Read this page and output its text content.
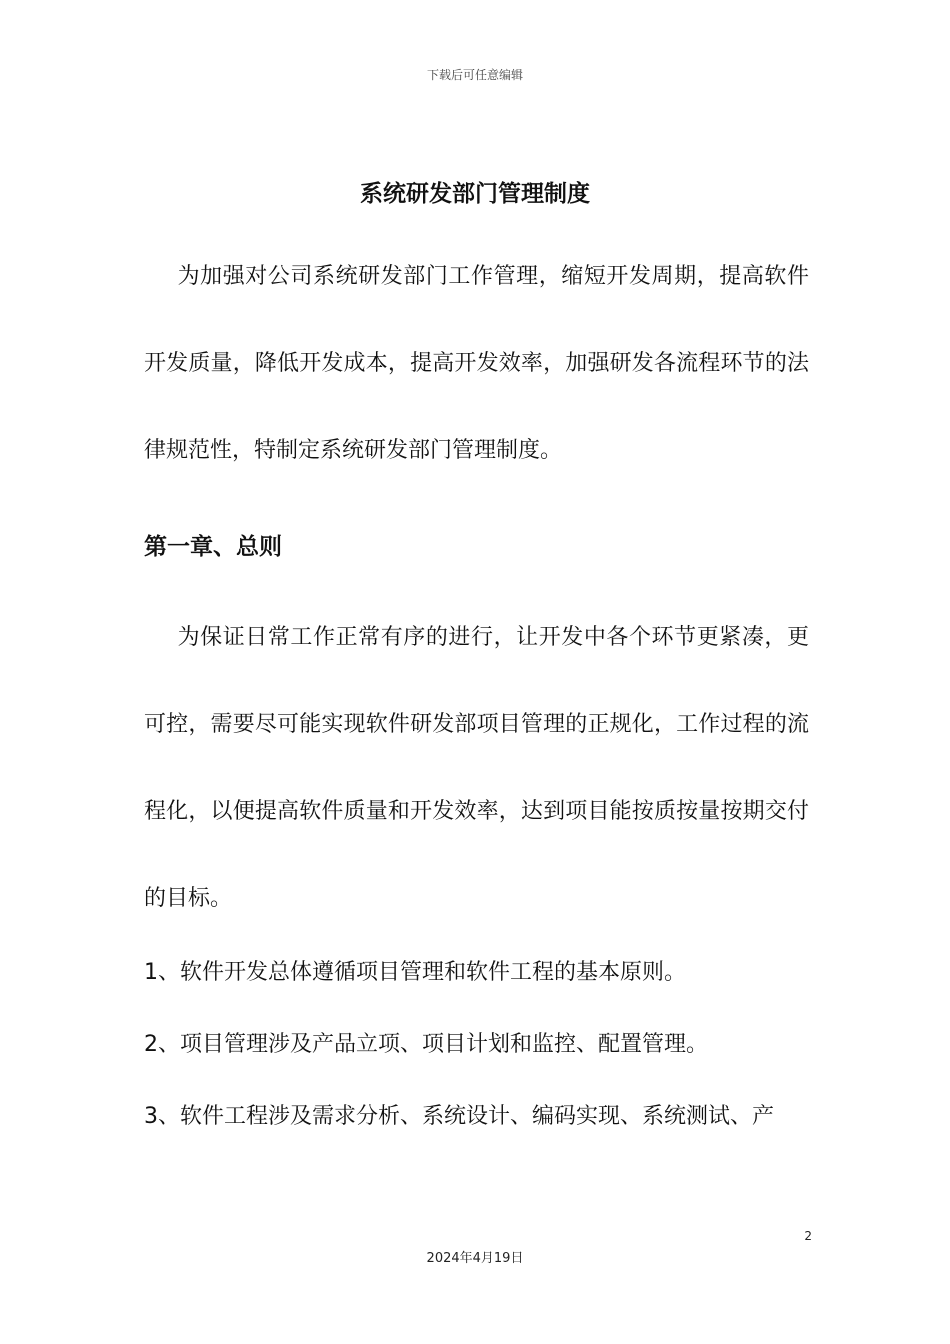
下载后可任意编辑
系统研发部门管理制度

为加强对公司系统研发部门工作管理，缩短开发周期，提高软件开发质量，降低开发成本，提高开发效率，加强研发各流程环节的法律规范性，特制定系统研发部门管理制度。

第一章、总则

为保证日常工作正常有序的进行，让开发中各个环节更紧凑，更可控，需要尽可能实现软件研发部项目管理的正规化，工作过程的流程化，以便提高软件质量和开发效率，达到项目能按质按量按期交付的目标。

1、软件开发总体遵循项目管理和软件工程的基本原则。
2、项目管理涉及产品立项、项目计划和监控、配置管理。
3、软件工程涉及需求分析、系统设计、编码实现、系统测试、产
2
2024年4月19日
